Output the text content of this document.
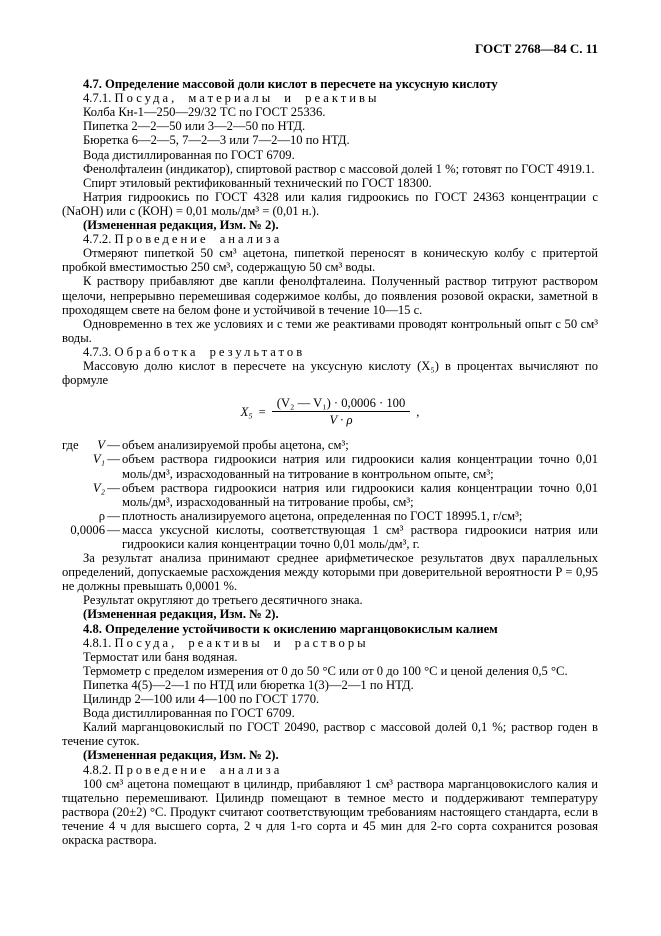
ГОСТ 2768—84 С. 11

4.7. Определение массовой доли кислот в пересчете на уксусную кислоту

4.7.1. Посуда, материалы и реактивы

Колба Кн-1—250—29/32 ТС по ГОСТ 25336.

Пипетка 2—2—50 или 3—2—50 по НТД.

Бюретка 6—2—5, 7—2—3 или 7—2—10 по НТД.

Вода дистиллированная по ГОСТ 6709.

Фенолфталеин (индикатор), спиртовой раствор с массовой долей 1 %; готовят по ГОСТ 4919.1.

Спирт этиловый ректификованный технический по ГОСТ 18300.

Натрия гидроокись по ГОСТ 4328 или калия гидроокись по ГОСТ 24363 концентрации с (NaOH) или с (КОН) = 0,01 моль/дм³ = (0,01 н.).

(Измененная редакция, Изм. № 2).

4.7.2. Проведение анализа

Отмеряют пипеткой 50 см³ ацетона, пипеткой переносят в коническую колбу с притертой пробкой вместимостью 250 см³, содержащую 50 см³ воды.

К раствору прибавляют две капли фенолфталеина. Полученный раствор титруют раствором щелочи, непрерывно перемешивая содержимое колбы, до появления розовой окраски, заметной в проходящем свете на белом фоне и устойчивой в течение 10—15 с.

Одновременно в тех же условиях и с теми же реактивами проводят контрольный опыт с 50 см³ воды.

4.7.3. Обработка результатов

Массовую долю кислот в пересчете на уксусную кислоту (X₅) в процентах вычисляют по формуле

$X_5 = \frac{\text{(V₂ — V₁) · 0,0006 · 100}}{V \cdot \rho}$ ,
где V — объем анализируемой пробы ацетона, см³;
V₁ — объем раствора гидроокиси натрия или гидроокиси калия концентрации точно 0,01 моль/дм³, израсходованный на титрование в контрольном опыте, см³;
V₂ — объем раствора гидроокиси натрия или гидроокиси калия концентрации точно 0,01 моль/дм³, израсходованный на титрование пробы, см³;
ρ — плотность анализируемого ацетона, определенная по ГОСТ 18995.1, г/см³;
0,0006 — масса уксусной кислоты, соответствующая 1 см³ раствора гидроокиси натрия или гидроокиси калия концентрации точно 0,01 моль/дм³, г.

За результат анализа принимают среднее арифметическое результатов двух параллельных определений, допускаемые расхождения между которыми при доверительной вероятности P = 0,95 не должны превышать 0,0001 %.

Результат округляют до третьего десятичного знака.

(Измененная редакция, Изм. № 2).

4.8. Определение устойчивости к окислению марганцовокислым калием

4.8.1. Посуда, реактивы и растворы

Термостат или баня водяная.

Термометр с пределом измерения от 0 до 50 °С или от 0 до 100 °С и ценой деления 0,5 °С.

Пипетка 4(5)—2—1 по НТД или бюретка 1(3)—2—1 по НТД.

Цилиндр 2—100 или 4—100 по ГОСТ 1770.

Вода дистиллированная по ГОСТ 6709.

Калий марганцовокислый по ГОСТ 20490, раствор с массовой долей 0,1 %; раствор годен в течение суток.

(Измененная редакция, Изм. № 2).

4.8.2. Проведение анализа

100 см³ ацетона помещают в цилиндр, прибавляют 1 см³ раствора марганцовокислого калия и тщательно перемешивают. Цилиндр помещают в темное место и поддерживают температуру раствора (20±2) °С. Продукт считают соответствующим требованиям настоящего стандарта, если в течение 4 ч для высшего сорта, 2 ч для 1-го сорта и 45 мин для 2-го сорта сохранится розовая окраска раствора.
